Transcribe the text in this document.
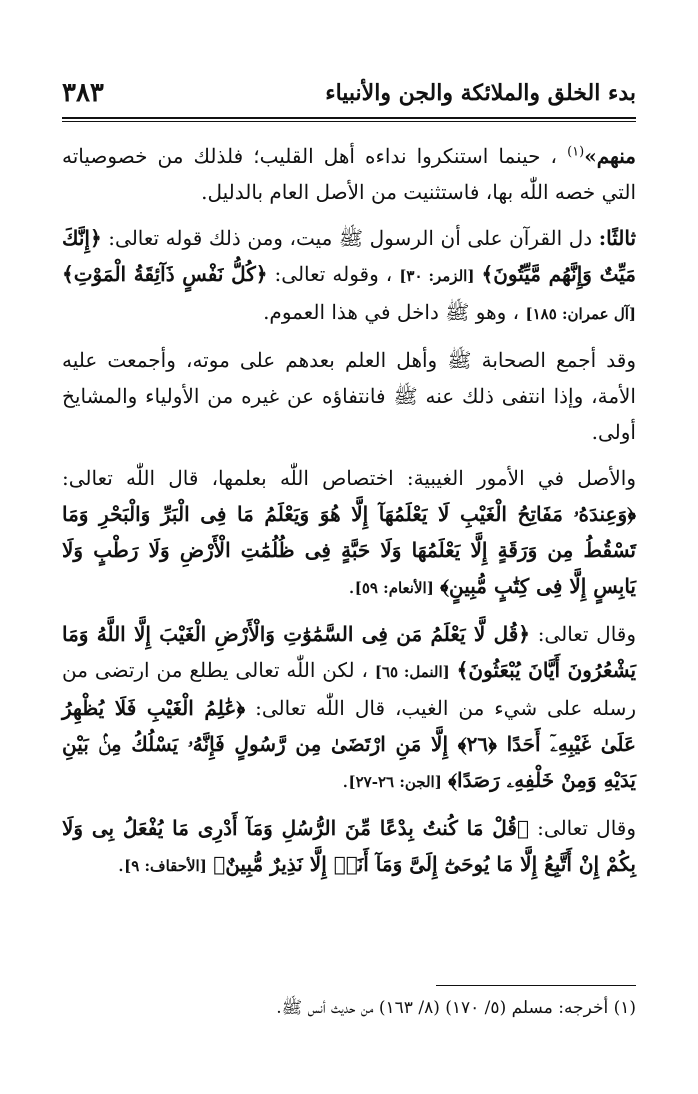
بدء الخلق والملائكة والجن والأنبياء
٣٨٣

منهم»$^{(١)}$ ، حينما استنكروا نداءه أهل القليب؛ فلذلك من خصوصياته التي خصه اللّٰه بها، فاستثنيت من الأصل العام بالدليل.

ثالثًا: دل القرآن على أن الرسول ﷺ ميت، ومن ذلك قوله تعالى: ﴿إِنَّكَ مَيِّتٌ وَإِنَّهُم مَّيِّتُونَ﴾ [الزمر: ٣٠] ، وقوله تعالى: ﴿كُلُّ نَفْسٍ ذَآئِقَةُ الْمَوْتِ﴾ [آل عمران: ١٨٥] ، وهو ﷺ داخل في هذا العموم.

وقد أجمع الصحابة ﷺ وأهل العلم بعدهم على موته، وأجمعت عليه الأمة، وإذا انتفى ذلك عنه ﷺ فانتفاؤه عن غيره من الأولياء والمشايخ أولى.

والأصل في الأمور الغيبية: اختصاص اللّٰه بعلمها، قال اللّٰه تعالى: ﴿وَعِندَهُۥ مَفَاتِحُ الْغَيْبِ لَا يَعْلَمُهَآ إِلَّا هُوَ وَيَعْلَمُ مَا فِى الْبَرِّ وَالْبَحْرِ وَمَا تَسْقُطُ مِن وَرَقَةٍ إِلَّا يَعْلَمُهَا وَلَا حَبَّةٍ فِى ظُلُمَٰتِ الْأَرْضِ وَلَا رَطْبٍ وَلَا يَابِسٍ إِلَّا فِى كِتَٰبٍ مُّبِينٍ﴾ [الأنعام: ٥٩].

وقال تعالى: ﴿قُل لَّا يَعْلَمُ مَن فِى السَّمَٰوَٰتِ وَالْأَرْضِ الْغَيْبَ إِلَّا اللَّهُ وَمَا يَشْعُرُونَ أَيَّانَ يُبْعَثُونَ﴾ [النمل: ٦٥] ، لكن اللّٰه تعالى يطلع من ارتضى من رسله على شيء من الغيب، قال اللّٰه تعالى: ﴿عَٰلِمُ الْغَيْبِ فَلَا يُظْهِرُ عَلَىٰ غَيْبِهِۦٓ أَحَدًا ﴿٢٦﴾ إِلَّا مَنِ ارْتَضَىٰ مِن رَّسُولٍ فَإِنَّهُۥ يَسْلُكُ مِنۢ بَيْنِ يَدَيْهِ وَمِنْ خَلْفِهِۦ رَصَدًا﴾ [الجن: ٢٦-٢٧].

وقال تعالى: ﴿قُلْ مَا كُنتُ بِدْعًا مِّنَ الرُّسُلِ وَمَآ أَدْرِى مَا يُفْعَلُ بِى وَلَا بِكُمْ إِنْ أَتَّبِعُ إِلَّا مَا يُوحَىٰٓ إِلَىَّ وَمَآ أَنَا۠ إِلَّا نَذِيرٌ مُّبِينٌ﴾ [الأحقاف: ٩].

(١) أخرجه: مسلم (٥/ ١٧٠) (٨/ ١٦٣) من حديث أنس ﷺ.
